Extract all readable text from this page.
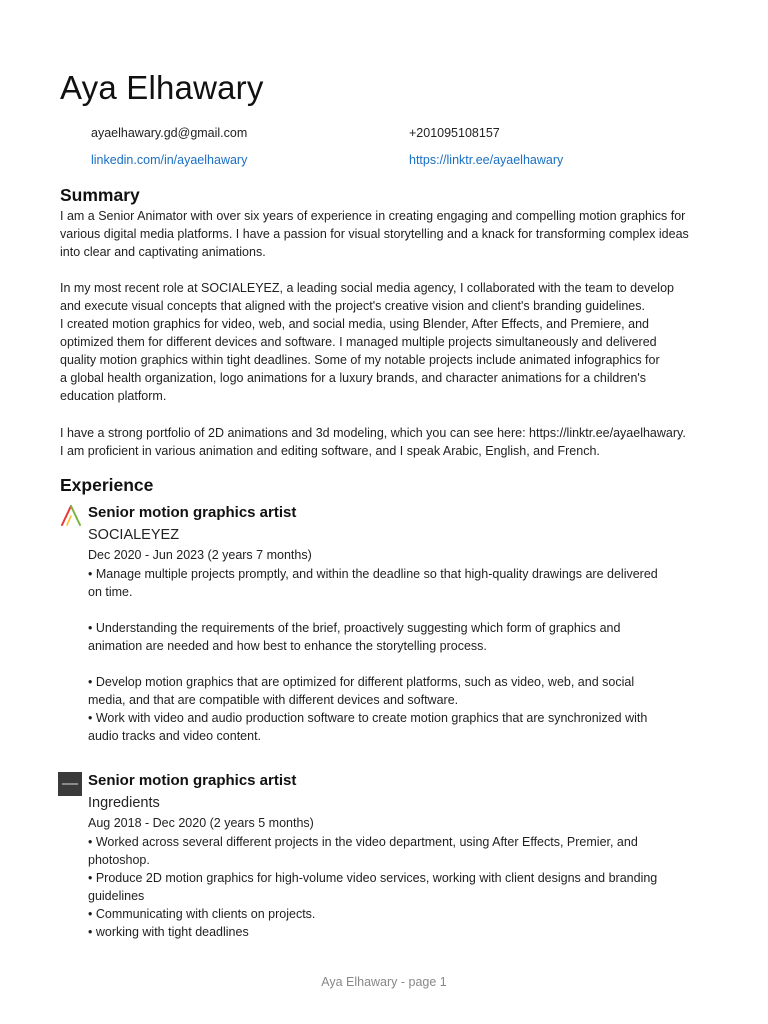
Aya Elhawary
ayaelhawary.gd@gmail.com	+201095108157
linkedin.com/in/ayaelhawary	https://linktr.ee/ayaelhawary
Summary
I am a Senior Animator with over six years of experience in creating engaging and compelling motion graphics for
various digital media platforms. I have a passion for visual storytelling and a knack for transforming complex ideas
into clear and captivating animations.
In my most recent role at SOCIALEYEZ, a leading social media agency, I collaborated with the team to develop
and execute visual concepts that aligned with the project's creative vision and client's branding guidelines.
I created motion graphics for video, web, and social media, using Blender, After Effects, and Premiere, and
optimized them for different devices and software. I managed multiple projects simultaneously and delivered
quality motion graphics within tight deadlines. Some of my notable projects include animated infographics for
a global health organization, logo animations for a luxury brands, and character animations for a children's
education platform.
I have a strong portfolio of 2D animations and 3d modeling, which you can see here: https://linktr.ee/ayaelhawary.
I am proficient in various animation and editing software, and I speak Arabic, English, and French.
Experience
Senior motion graphics artist
SOCIALEYEZ
Dec 2020 - Jun 2023 (2 years 7 months)
• Manage multiple projects promptly, and within the deadline so that high-quality drawings are delivered
on time.
• Understanding the requirements of the brief, proactively suggesting which form of graphics and
animation are needed and how best to enhance the storytelling process.
• Develop motion graphics that are optimized for different platforms, such as video, web, and social
media, and that are compatible with different devices and software.
• Work with video and audio production software to create motion graphics that are synchronized with
audio tracks and video content.
Senior motion graphics artist
Ingredients
Aug 2018 - Dec 2020 (2 years 5 months)
• Worked across several different projects in the video department, using After Effects, Premier, and
photoshop.
• Produce 2D motion graphics for high-volume video services, working with client designs and branding
guidelines
• Communicating with clients on projects.
• working with tight deadlines
Aya Elhawary - page 1
